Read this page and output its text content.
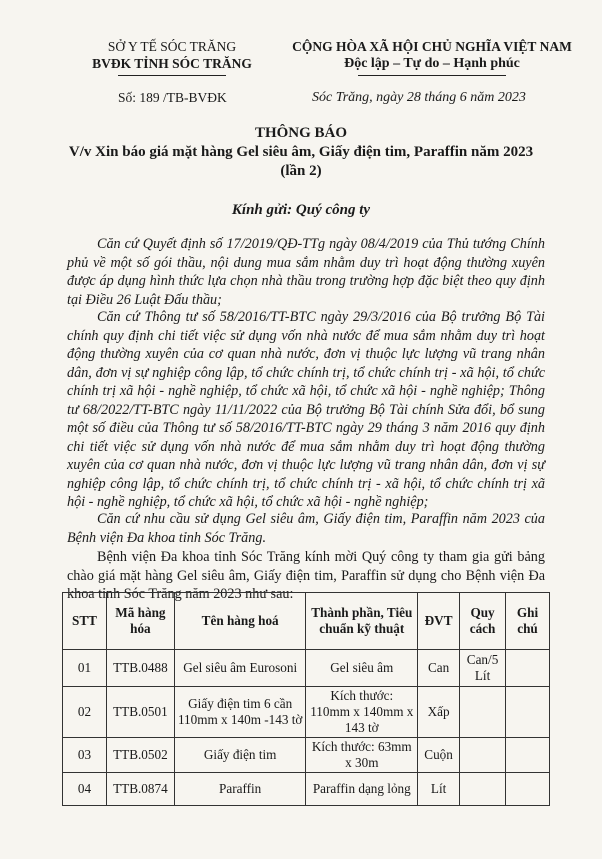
SỞ Y TẾ SÓC TRĂNG
BVĐK TỈNH SÓC TRĂNG
Số: 189 /TB-BVĐK
CỘNG HÒA XÃ HỘI CHỦ NGHĨA VIỆT NAM
Độc lập – Tự do – Hạnh phúc
Sóc Trăng, ngày 28 tháng 6 năm 2023
THÔNG BÁO
V/v Xin báo giá mặt hàng Gel siêu âm, Giấy điện tim, Paraffin năm 2023
(lần 2)
Kính gửi: Quý công ty
Căn cứ Quyết định số 17/2019/QĐ-TTg ngày 08/4/2019 của Thủ tướng Chính phủ về một số gói thầu, nội dung mua sắm nhằm duy trì hoạt động thường xuyên được áp dụng hình thức lựa chọn nhà thầu trong trường hợp đặc biệt theo quy định tại Điều 26 Luật Đấu thầu;
Căn cứ Thông tư số 58/2016/TT-BTC ngày 29/3/2016 của Bộ trưởng Bộ Tài chính quy định chi tiết việc sử dụng vốn nhà nước để mua sắm nhằm duy trì hoạt động thường xuyên của cơ quan nhà nước, đơn vị thuộc lực lượng vũ trang nhân dân, đơn vị sự nghiệp công lập, tổ chức chính trị, tổ chức chính trị - xã hội, tổ chức chính trị xã hội - nghề nghiệp, tổ chức xã hội, tổ chức xã hội - nghề nghiệp; Thông tư 68/2022/TT-BTC ngày 11/11/2022 của Bộ trưởng Bộ Tài chính Sửa đổi, bổ sung một số điều của Thông tư số 58/2016/TT-BTC ngày 29 tháng 3 năm 2016 quy định chi tiết việc sử dụng vốn nhà nước để mua sắm nhằm duy trì hoạt động thường xuyên của cơ quan nhà nước, đơn vị thuộc lực lượng vũ trang nhân dân, đơn vị sự nghiệp công lập, tổ chức chính trị, tổ chức chính trị - xã hội, tổ chức chính trị xã hội - nghề nghiệp, tổ chức xã hội, tổ chức xã hội - nghề nghiệp;
Căn cứ nhu cầu sử dụng Gel siêu âm, Giấy điện tim, Paraffin năm 2023 của Bệnh viện Đa khoa tỉnh Sóc Trăng.
Bệnh viện Đa khoa tỉnh Sóc Trăng kính mời Quý công ty tham gia gửi bảng chào giá mặt hàng Gel siêu âm, Giấy điện tim, Paraffin sử dụng cho Bệnh viện Đa khoa tỉnh Sóc Trăng năm 2023 như sau:
STT	Mã hàng hóa	Tên hàng hoá	Thành phần, Tiêu chuẩn kỹ thuật	ĐVT	Quy cách	Ghi chú
01	TTB.0488	Gel siêu âm Eurosoni	Gel siêu âm	Can	Can/5 Lít	
02	TTB.0501	Giấy điện tim 6 cần 110mm x 140m -143 tờ	Kích thước: 110mm x 140mm x 143 tờ	Xấp		
03	TTB.0502	Giấy điện tim	Kích thước: 63mm x 30m	Cuộn		
04	TTB.0874	Paraffin	Paraffin dạng lỏng	Lít		
